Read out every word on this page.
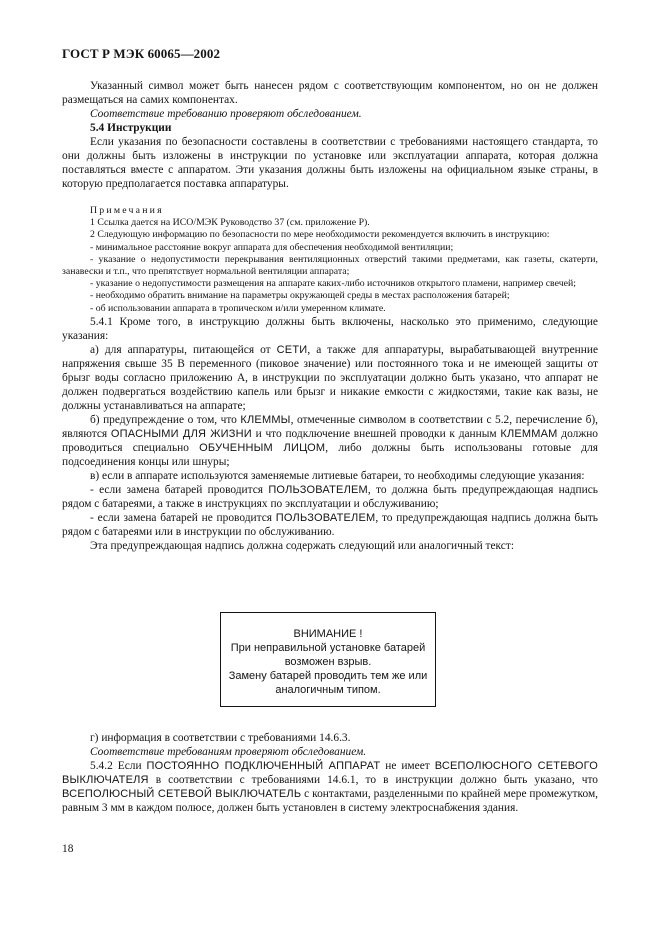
ГОСТ Р МЭК 60065—2002

Указанный символ может быть нанесен рядом с соответствующим компонентом, но он не должен размещаться на самих компонентах.

Соответствие требованию проверяют обследованием.

5.4 Инструкции

Если указания по безопасности составлены в соответствии с требованиями настоящего стандарта, то они должны быть изложены в инструкции по установке или эксплуатации аппарата, которая должна поставляться вместе с аппаратом. Эти указания должны быть изложены на официальном языке страны, в которую предполагается поставка аппаратуры.

Примечания

1 Ссылка дается на ИСО/МЭК Руководство 37 (см. приложение Р).

2 Следующую информацию по безопасности по мере необходимости рекомендуется включить в инструкцию:

- минимальное расстояние вокруг аппарата для обеспечения необходимой вентиляции;

- указание о недопустимости перекрывания вентиляционных отверстий такими предметами, как газеты, скатерти, занавески и т.п., что препятствует нормальной вентиляции аппарата;

- указание о недопустимости размещения на аппарате каких-либо источников открытого пламени, например свечей;

- необходимо обратить внимание на параметры окружающей среды в местах расположения батарей;

- об использовании аппарата в тропическом и/или умеренном климате.

5.4.1 Кроме того, в инструкцию должны быть включены, насколько это применимо, следующие указания:

а) для аппаратуры, питающейся от СЕТИ, а также для аппаратуры, вырабатывающей внутренние напряжения свыше 35 В переменного (пиковое значение) или постоянного тока и не имеющей защиты от брызг воды согласно приложению А, в инструкции по эксплуатации должно быть указано, что аппарат не должен подвергаться воздействию капель или брызг и никакие емкости с жидкостями, такие как вазы, не должны устанавливаться на аппарате;

б) предупреждение о том, что КЛЕММЫ, отмеченные символом в соответствии с 5.2, перечисление б), являются ОПАСНЫМИ ДЛЯ ЖИЗНИ и что подключение внешней проводки к данным КЛЕММАМ должно проводиться специально ОБУЧЕННЫМ ЛИЦОМ, либо должны быть использованы готовые для подсоединения концы или шнуры;

в) если в аппарате используются заменяемые литиевые батареи, то необходимы следующие указания:

- если замена батарей проводится ПОЛЬЗОВАТЕЛЕМ, то должна быть предупреждающая надпись рядом с батареями, а также в инструкциях по эксплуатации и обслуживанию;

- если замена батарей не проводится ПОЛЬЗОВАТЕЛЕМ, то предупреждающая надпись должна быть рядом с батареями или в инструкции по обслуживанию.

Эта предупреждающая надпись должна содержать следующий или аналогичный текст:

ВНИМАНИЕ !
При неправильной установке батарей
возможен взрыв.
Замену батарей проводить тем же или
аналогичным типом.

г) информация в соответствии с требованиями 14.6.3.

Соответствие требованиям проверяют обследованием.

5.4.2 Если ПОСТОЯННО ПОДКЛЮЧЕННЫЙ АППАРАТ не имеет ВСЕПОЛЮСНОГО СЕТЕВОГО ВЫКЛЮЧАТЕЛЯ в соответствии с требованиями 14.6.1, то в инструкции должно быть указано, что ВСЕПОЛЮСНЫЙ СЕТЕВОЙ ВЫКЛЮЧАТЕЛЬ с контактами, разделенными по крайней мере промежутком, равным 3 мм в каждом полюсе, должен быть установлен в систему электроснабжения здания.

18
